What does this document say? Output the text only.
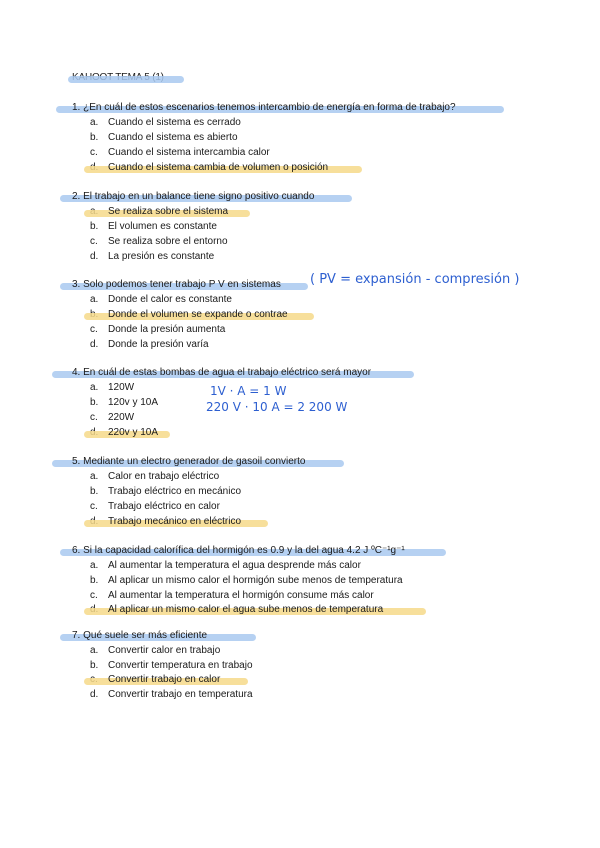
1. ¿En cuál de estos escenarios tenemos intercambio de energía en forma de trabajo?
a. Cuando el sistema es cerrado
b. Cuando el sistema es abierto
c. Cuando el sistema intercambia calor
Cuando el sistema cambia de volumen o posición
2. El trabajo en un balance tiene signo positivo cuando
Se realiza sobre el sistema
b. El volumen es constante
c. Se realiza sobre el entorno
d. La presión es constante
3. Solo podemos tener trabajo P V en sistemas ( PV = expansión - compresión )
a. Donde el calor es constante
Donde el volumen se expande o contrae
c. Donde la presión aumenta
d. Donde la presión varía
4. En cuál de estas bombas de agua el trabajo eléctrico será mayor
a. 120W
b. 120v y 10A
c. 220W
220v y 10A
1V · A = 1 W
220 V · 10 A = 2 200 W
5. Mediante un electro generador de gasoil convierto
a. Calor en trabajo eléctrico
b. Trabajo eléctrico en mecánico
c. Trabajo eléctrico en calor
Trabajo mecánico en eléctrico
6. Si la capacidad calorífica del hormigón es 0.9 y la del agua 4.2 J ºC⁻¹g⁻¹
a. Al aumentar la temperatura el agua desprende más calor
b. Al aplicar un mismo calor el hormigón sube menos de temperatura
c. Al aumentar la temperatura el hormigón consume más calor
Al aplicar un mismo calor el agua sube menos de temperatura
7. Qué suele ser más eficiente
a. Convertir calor en trabajo
b. Convertir temperatura en trabajo
Convertir trabajo en calor
d. Convertir trabajo en temperatura
